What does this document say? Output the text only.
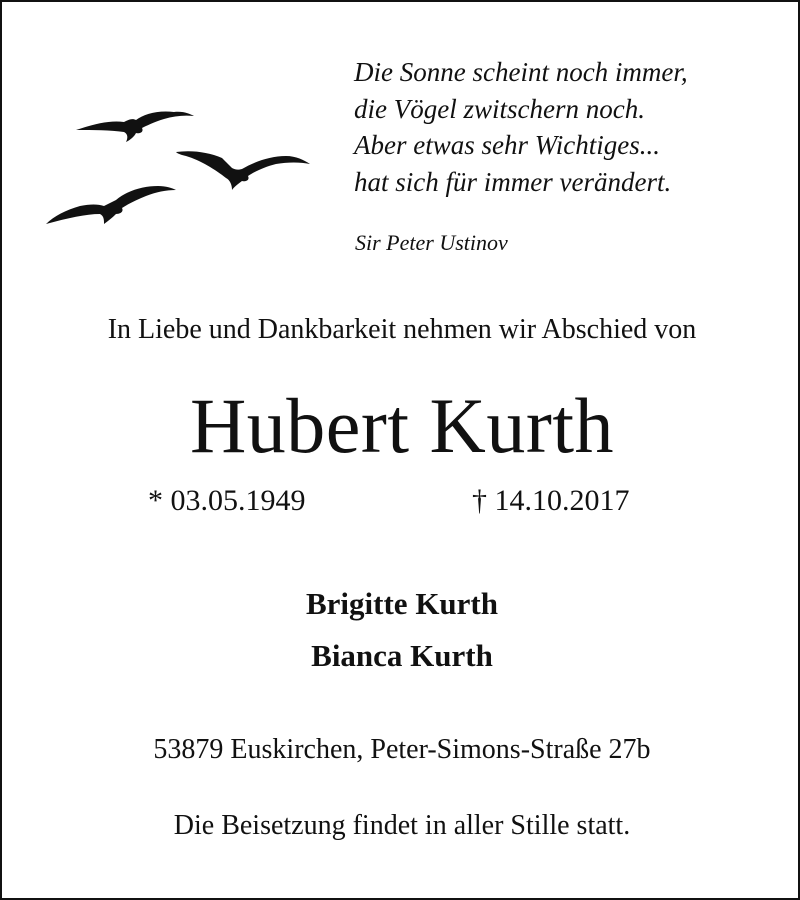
Die Sonne scheint noch immer,
die Vögel zwitschern noch.
Aber etwas sehr Wichtiges...
hat sich für immer verändert.
Sir Peter Ustinov
In Liebe und Dankbarkeit nehmen wir Abschied von
Hubert Kurth
* 03.05.1949	† 14.10.2017
Brigitte Kurth
Bianca Kurth
53879 Euskirchen, Peter-Simons-Straße 27b
Die Beisetzung findet in aller Stille statt.
